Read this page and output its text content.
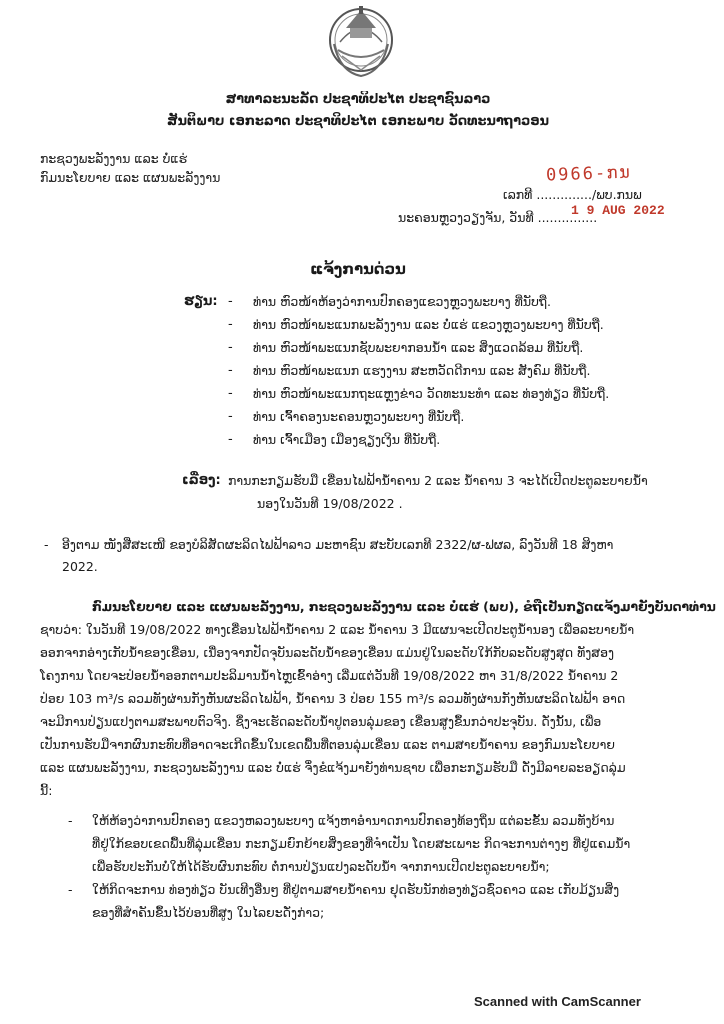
ສາທາລະນະລັດ ປະຊາທິປະໄຕ ປະຊາຊົນລາວ
ສັນຕິພາບ ເອກະລາດ ປະຊາທິປະໄຕ ເອກະພາບ ວັດທະນາຖາວອນ
ກະຊວງພະລັງງານ ແລະ ບໍ່ແຮ່
ກົມນະໂຍບາຍ ແລະ ແຜນພະລັງງານ	0966-ກນ
ເລກທີ ............../ພບ.ກນພ
ນະຄອນຫຼວງວຽງຈັນ, ວັນທີ ...............
1 9 AUG 2022
ແຈ້ງການດ່ວນ
ຮຽນ: - ທ່ານ ຫົວໜ້າຫ້ອງວ່າການປົກຄອງແຂວງຫຼວງພະບາງ ທີ່ນັບຖື.
- ທ່ານ ຫົວໜ້າພະແນກພະລັງງານ ແລະ ບໍ່ແຮ່ ແຂວງຫຼວງພະບາງ ທີ່ນັບຖື.
- ທ່ານ ຫົວໜ້າພະແນກຊັບພະຍາກອນນ້ຳ ແລະ ສິ່ງແວດລ້ອມ ທີ່ນັບຖື.
- ທ່ານ ຫົວໜ້າພະແນກ ແຮງງານ ສະຫວັດດີການ ແລະ ສັງຄົມ ທີ່ນັບຖື.
- ທ່ານ ຫົວໜ້າພະແນກຖະແຫຼງຂ່າວ ວັດທະນະທຳ ແລະ ທ່ອງທ່ຽວ ທີ່ນັບຖື.
- ທ່ານ ເຈົ້າຄອງນະຄອນຫຼວງພະບາງ ທີ່ນັບຖື.
- ທ່ານ ເຈົ້າເມືອງ ເມືອງຊຽງເງິນ ທີ່ນັບຖື.
ເລື່ອງ: ການກະກຽມຮັບມື ເຂື່ອນໄຟຟ້ານ້ຳຄານ 2 ແລະ ນ້ຳຄານ 3 ຈະໄດ້ເປີດປະຕູລະບາຍນ້ຳ
ນອງໃນວັນທີ 19/08/2022 .
- ອີງຕາມ ໜັງສືສະເໜີ ຂອງບໍລິສັດຜະລິດໄຟຟ້າລາວ ມະຫາຊົນ ສະບັບເລກທີ 2322/ຜ-ຟຜລ, ລົງວັນທີ 18 ສິງຫາ
2022.
ກົມນະໂຍບາຍ ແລະ ແຜນພະລັງງານ, ກະຊວງພະລັງງານ ແລະ ບໍ່ແຮ່ (ພບ), ຂໍຖືເປັນກຽດແຈ້ງມາຍັງບັນດາທ່ານ
ຊາບວ່າ: ໃນວັນທີ 19/08/2022 ທາງເຂື່ອນໄຟຟ້ານ້ຳຄານ 2 ແລະ ນ້ຳຄານ 3 ມີແຜນຈະເປີດປະຕູນ້ຳນອງ ເພື່ອລະບາຍນ້ຳ
ອອກຈາກອ່າງເກັບນ້ຳຂອງເຂື່ອນ, ເນື່ອງຈາກປັດຈຸບັນລະດັບນ້ຳຂອງເຂື່ອນ ແມ່ນຢູ່ໃນລະດັບໃກ້ກັບລະດັບສູງສຸດ ທັງສອງ
ໂຄງການ ໂດຍຈະປ່ອຍນ້ຳອອກຕາມປະລິມານນ້ຳໄຫຼເຂົ້າອ່າງ ເລີ່ມແຕ່ວັນທີ 19/08/2022 ຫາ 31/8/2022 ນ້ຳຄານ 2
ປ່ອຍ 103 m³/s ລວມທັງຜ່ານກັງຫັນຜະລິດໄຟຟ້າ, ນ້ຳຄານ 3 ປ່ອຍ 155 m³/s ລວມທັງຜ່ານກັງຫັນຜະລິດໄຟຟ້າ ອາດ
ຈະມີການປ່ຽນແປງຕາມສະພາບຕົວຈິງ. ຊຶ່ງຈະເຮັດລະດັບນ້ຳປູຕອນລຸ່ມຂອງ ເຂື່ອນສູງຂຶ້ນກວ່າປະຈຸບັນ. ດັ່ງນັ້ນ, ເພື່ອ
ເປັນການຮັບມືຈາກຜົນກະທົບທີ່ອາດຈະເກີດຂຶ້ນໃນເຂດພື້ນທີ່ຕອນລຸ່ມເຂື່ອນ ແລະ ຕາມສາຍນ້ຳຄານ ຂອງກົມນະໂຍບາຍ
ແລະ ແຜນພະລັງງານ, ກະຊວງພະລັງງານ ແລະ ບໍ່ແຮ່ ຈຶ່ງຂໍແຈ້ງມາຍັງທ່ານຊາບ ເພື່ອກະກຽມຮັບມື ດັ່ງມີລາຍລະອຽດລຸ່ມ
ນີ້:
- ໃຫ້ຫ້ອງວ່າການປົກຄອງ ແຂວງຫລວງພະບາງ ແຈ້ງຫາອຳນາດການປົກຄອງທ້ອງຖິ່ນ ແຕ່ລະຂັ້ນ ລວມທັງບ້ານ
ທີ່ຢູ່ໃກ້ຂອບເຂດພື້ນທີ່ລຸ່ມເຂື່ອນ ກະກຽມຍົກຍ້າຍສິ່ງຂອງທີ່ຈຳເປັນ ໂດຍສະເພາະ ກິດຈະການຕ່າງໆ ທີ່ຢູ່ແຄມນ້ຳ
ເພື່ອຮັບປະກັນບໍ່ໃຫ້ໄດ້ຮັບຜົນກະທົບ ຕໍ່ການປ່ຽນແປງລະດັບນ້ຳ ຈາກການເປີດປະຕູລະບາຍນ້ຳ;
- ໃຫ້ກິດຈະການ ທ່ອງທ່ຽວ ບັນເທີງອື່ນໆ ທີ່ຢູ່ຕາມສາຍນ້ຳຄານ ຢຸດຮັບນັກທ່ອງທ່ຽວຊົ່ວຄາວ ແລະ ເກັບມ້ຽນສິ່ງ
ຂອງທີ່ສຳຄັນຂຶ້ນໄວ້ບ່ອນທີ່ສູງ ໃນໄລຍະດັ່ງກ່າວ;
Scanned with CamScanner
